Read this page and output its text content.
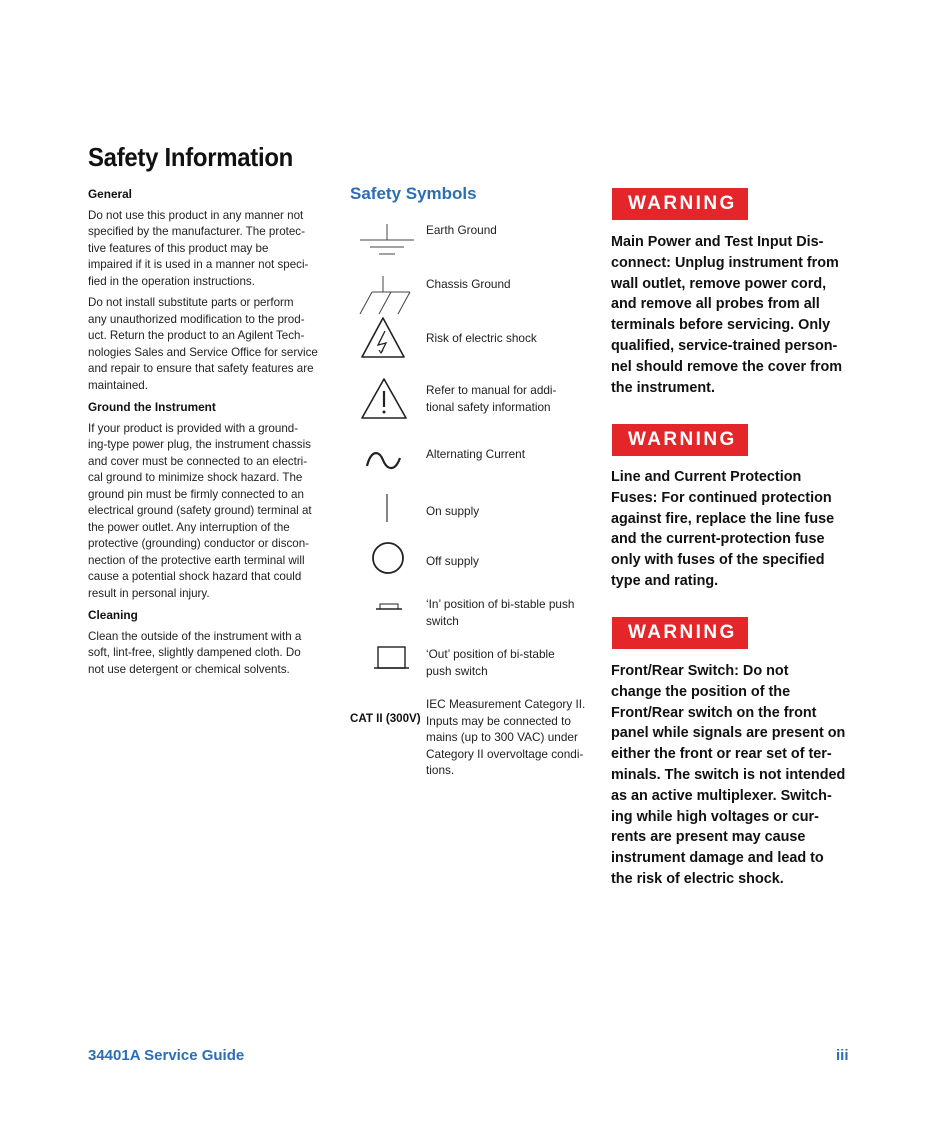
Safety Information
General

Do not use this product in any manner not
specified by the manufacturer. The protec-
tive features of this product may be
impaired if it is used in a manner not speci-
fied in the operation instructions.

Do not install substitute parts or perform
any unauthorized modification to the prod-
uct. Return the product to an Agilent Tech-
nologies Sales and Service Office for service
and repair to ensure that safety features are
maintained.

Ground the Instrument

If your product is provided with a ground-
ing-type power plug, the instrument chassis
and cover must be connected to an electri-
cal ground to minimize shock hazard. The
ground pin must be firmly connected to an
electrical ground (safety ground) terminal at
the power outlet. Any interruption of the
protective (grounding) conductor or discon-
nection of the protective earth terminal will
cause a potential shock hazard that could
result in personal injury.

Cleaning

Clean the outside of the instrument with a
soft, lint-free, slightly dampened cloth. Do
not use detergent or chemical solvents.

Safety Symbols
Earth Ground
Chassis Ground
Risk of electric shock
Refer to manual for addi-
tional safety information
Alternating Current
On supply
Off supply
‘In’ position of bi-stable push
switch
‘Out’ position of bi-stable
push switch
CAT II (300V)
IEC Measurement Category II.
Inputs may be connected to
mains (up to 300 VAC) under
Category II overvoltage condi-
tions.
WARNING
Main Power and Test Input Dis-
connect: Unplug instrument from
wall outlet, remove power cord,
and remove all probes from all
terminals before servicing. Only
qualified, service-trained person-
nel should remove the cover from
the instrument.
WARNING
Line and Current Protection
Fuses: For continued protection
against fire, replace the line fuse
and the current-protection fuse
only with fuses of the specified
type and rating.
WARNING
Front/Rear Switch: Do not
change the position of the
Front/Rear switch on the front
panel while signals are present on
either the front or rear set of ter-
minals. The switch is not intended
as an active multiplexer. Switch-
ing while high voltages or cur-
rents are present may cause
instrument damage and lead to
the risk of electric shock.
34401A Service Guide	iii
